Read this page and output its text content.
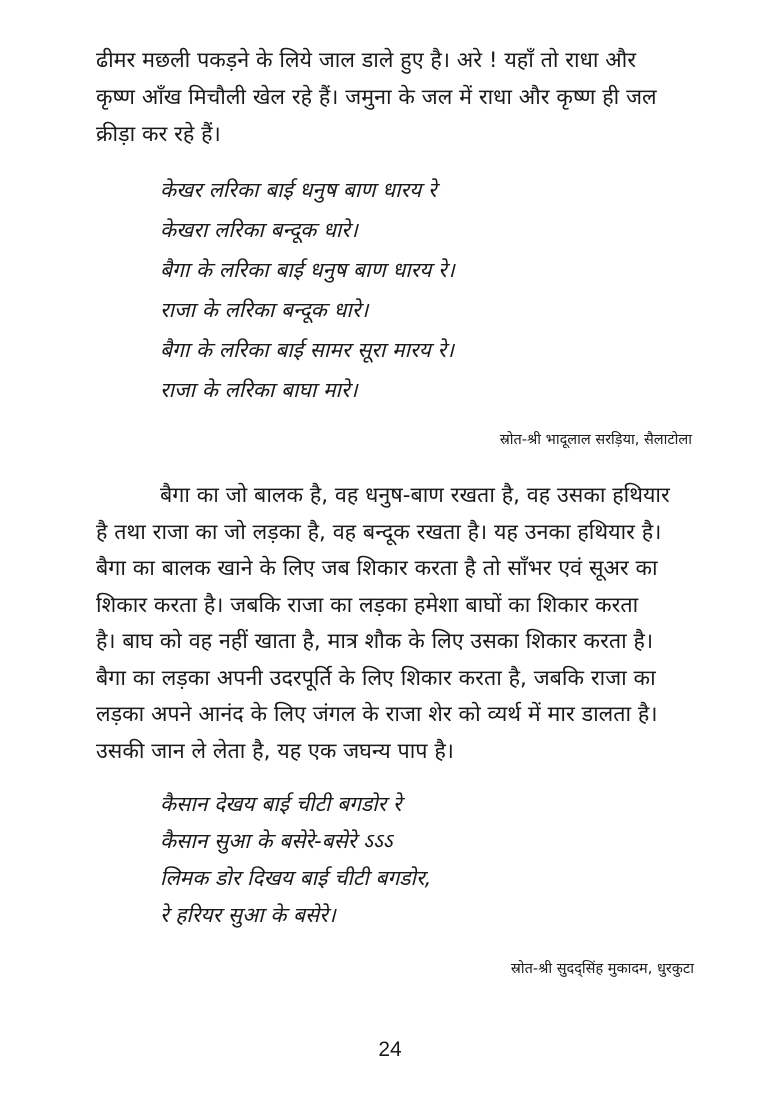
ढीमर मछली पकड़ने के लिये जाल डाले हुए है। अरे ! यहाँ तो राधा और
कृष्ण आँख मिचौली खेल रहे हैं। जमुना के जल में राधा और कृष्ण ही जल
क्रीड़ा कर रहे हैं।
केखर लरिका बाई धनुष बाण धारय रे
केखरा लरिका बन्दूक धारे।
बैगा के लरिका बाई धनुष बाण धारय रे।
राजा के लरिका बन्दूक धारे।
बैगा के लरिका बाई सामर सूरा मारय रे।
राजा के लरिका बाघा मारे।
स्रोत-श्री भादूलाल सरड़िया, सैलाटोला
बैगा का जो बालक है, वह धनुष-बाण रखता है, वह उसका हथियार
है तथा राजा का जो लड़का है, वह बन्दूक रखता है। यह उनका हथियार है।
बैगा का बालक खाने के लिए जब शिकार करता है तो साँभर एवं सूअर का
शिकार करता है। जबकि राजा का लड़का हमेशा बाघों का शिकार करता
है। बाघ को वह नहीं खाता है, मात्र शौक के लिए उसका शिकार करता है।
बैगा का लड़का अपनी उदरपूर्ति के लिए शिकार करता है, जबकि राजा का
लड़का अपने आनंद के लिए जंगल के राजा शेर को व्यर्थ में मार डालता है।
उसकी जान ले लेता है, यह एक जघन्य पाप है।
कैसान देखय बाई चीटी बगडोर रे
कैसान सुआ के बसेरे-बसेरे ऽऽऽ
लिमक डोर दिखय बाई चीटी बगडोर,
रे हरियर सुआ के बसेरे।
स्रोत-श्री सुदद्सिंह मुकादम, धुरकुटा
24
